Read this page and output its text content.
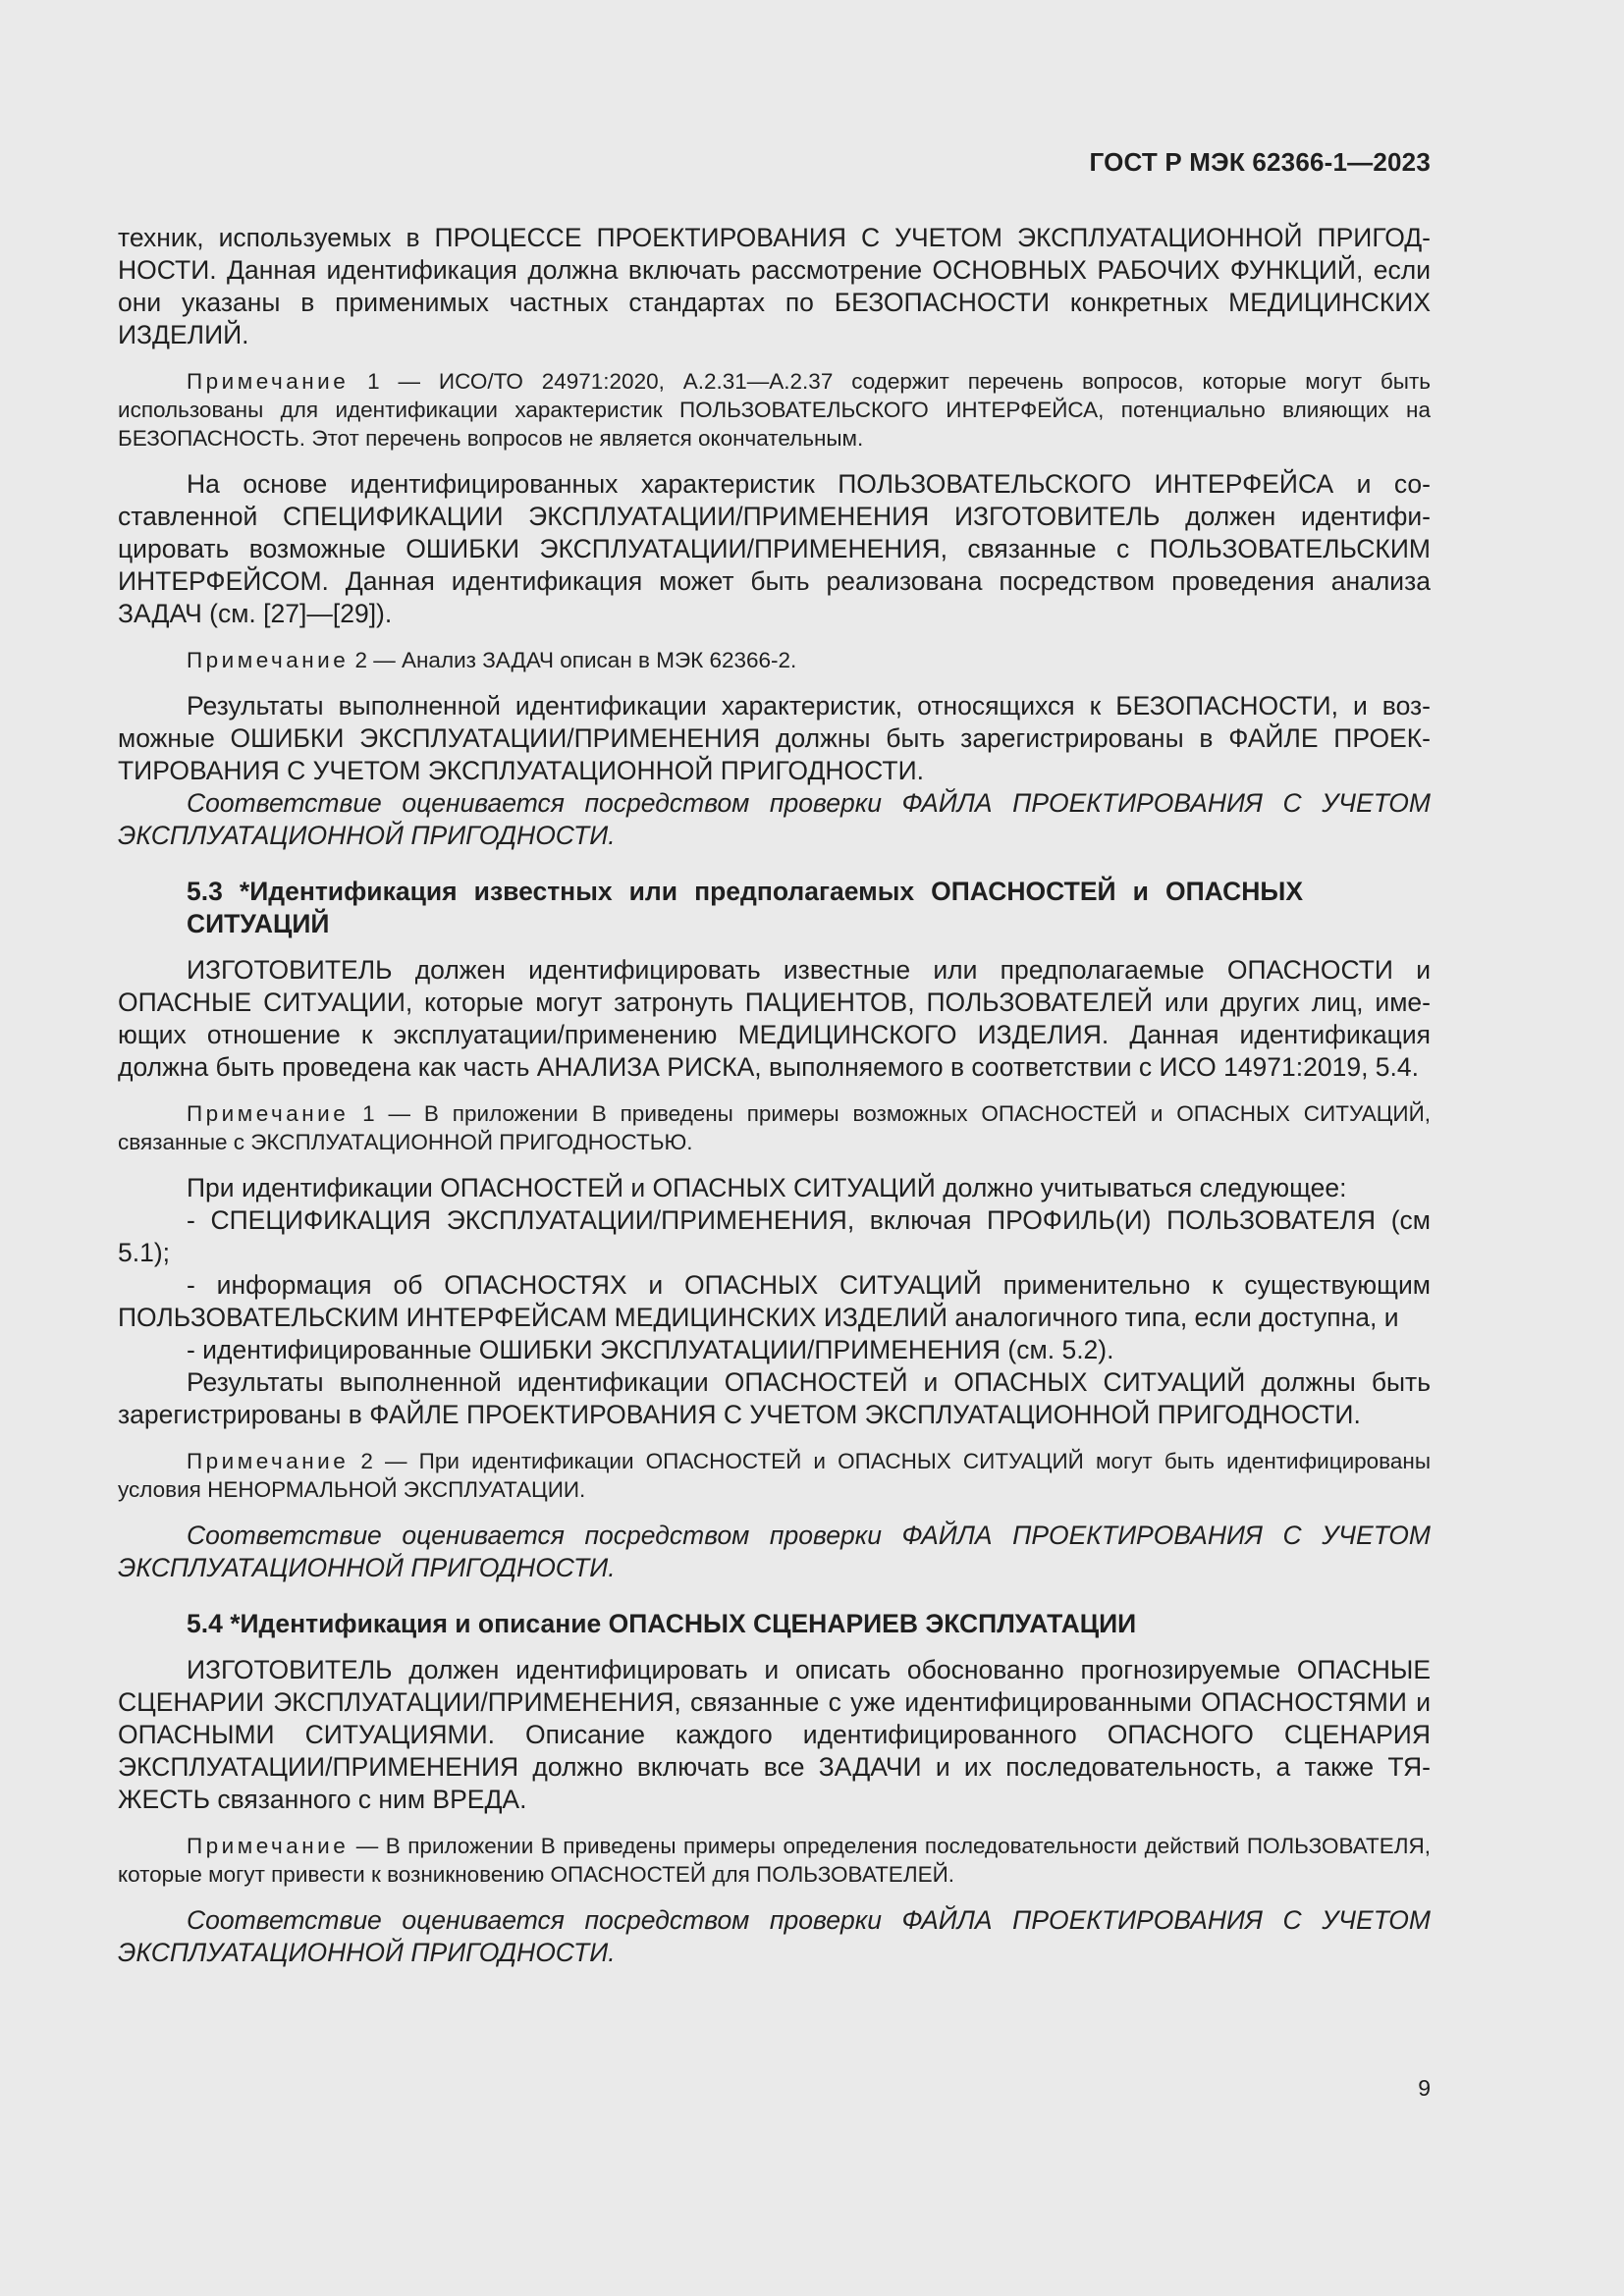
ГОСТ Р МЭК 62366-1—2023

техник, используемых в ПРОЦЕССЕ ПРОЕКТИРОВАНИЯ С УЧЕТОМ ЭКСПЛУАТАЦИОННОЙ ПРИГОДНОСТИ. Данная идентификация должна включать рассмотрение ОСНОВНЫХ РАБОЧИХ ФУНКЦИЙ, если они указаны в применимых частных стандартах по БЕЗОПАСНОСТИ конкретных МЕДИЦИНСКИХ ИЗДЕЛИЙ.

Примечание 1 — ИСО/ТО 24971:2020, А.2.31—А.2.37 содержит перечень вопросов, которые могут быть использованы для идентификации характеристик ПОЛЬЗОВАТЕЛЬСКОГО ИНТЕРФЕЙСА, потенциально влияющих на БЕЗОПАСНОСТЬ. Этот перечень вопросов не является окончательным.

На основе идентифицированных характеристик ПОЛЬЗОВАТЕЛЬСКОГО ИНТЕРФЕЙСА и составленной СПЕЦИФИКАЦИИ ЭКСПЛУАТАЦИИ/ПРИМЕНЕНИЯ ИЗГОТОВИТЕЛЬ должен идентифицировать возможные ОШИБКИ ЭКСПЛУАТАЦИИ/ПРИМЕНЕНИЯ, связанные с ПОЛЬЗОВАТЕЛЬСКИМ ИНТЕРФЕЙСОМ. Данная идентификация может быть реализована посредством проведения анализа ЗАДАЧ (см. [27]—[29]).

Примечание 2 — Анализ ЗАДАЧ описан в МЭК 62366-2.

Результаты выполненной идентификации характеристик, относящихся к БЕЗОПАСНОСТИ, и возможные ОШИБКИ ЭКСПЛУАТАЦИИ/ПРИМЕНЕНИЯ должны быть зарегистрированы в ФАЙЛЕ ПРОЕКТИРОВАНИЯ С УЧЕТОМ ЭКСПЛУАТАЦИОННОЙ ПРИГОДНОСТИ.

Соответствие оценивается посредством проверки ФАЙЛА ПРОЕКТИРОВАНИЯ С УЧЕТОМ ЭКСПЛУАТАЦИОННОЙ ПРИГОДНОСТИ.

5.3 *Идентификация известных или предполагаемых ОПАСНОСТЕЙ и ОПАСНЫХ СИТУАЦИЙ

ИЗГОТОВИТЕЛЬ должен идентифицировать известные или предполагаемые ОПАСНОСТИ и ОПАСНЫЕ СИТУАЦИИ, которые могут затронуть ПАЦИЕНТОВ, ПОЛЬЗОВАТЕЛЕЙ или других лиц, имеющих отношение к эксплуатации/применению МЕДИЦИНСКОГО ИЗДЕЛИЯ. Данная идентификация должна быть проведена как часть АНАЛИЗА РИСКА, выполняемого в соответствии с ИСО 14971:2019, 5.4.

Примечание 1 — В приложении В приведены примеры возможных ОПАСНОСТЕЙ и ОПАСНЫХ СИТУАЦИЙ, связанные с ЭКСПЛУАТАЦИОННОЙ ПРИГОДНОСТЬЮ.

При идентификации ОПАСНОСТЕЙ и ОПАСНЫХ СИТУАЦИЙ должно учитываться следующее:

- СПЕЦИФИКАЦИЯ ЭКСПЛУАТАЦИИ/ПРИМЕНЕНИЯ, включая ПРОФИЛЬ(И) ПОЛЬЗОВАТЕЛЯ (см 5.1);

- информация об ОПАСНОСТЯХ и ОПАСНЫХ СИТУАЦИЙ применительно к существующим ПОЛЬЗОВАТЕЛЬСКИМ ИНТЕРФЕЙСАМ МЕДИЦИНСКИХ ИЗДЕЛИЙ аналогичного типа, если доступна, и

- идентифицированные ОШИБКИ ЭКСПЛУАТАЦИИ/ПРИМЕНЕНИЯ (см. 5.2).

Результаты выполненной идентификации ОПАСНОСТЕЙ и ОПАСНЫХ СИТУАЦИЙ должны быть зарегистрированы в ФАЙЛЕ ПРОЕКТИРОВАНИЯ С УЧЕТОМ ЭКСПЛУАТАЦИОННОЙ ПРИГОДНОСТИ.

Примечание 2 — При идентификации ОПАСНОСТЕЙ и ОПАСНЫХ СИТУАЦИЙ могут быть идентифицированы условия НЕНОРМАЛЬНОЙ ЭКСПЛУАТАЦИИ.

Соответствие оценивается посредством проверки ФАЙЛА ПРОЕКТИРОВАНИЯ С УЧЕТОМ ЭКСПЛУАТАЦИОННОЙ ПРИГОДНОСТИ.

5.4 *Идентификация и описание ОПАСНЫХ СЦЕНАРИЕВ ЭКСПЛУАТАЦИИ

ИЗГОТОВИТЕЛЬ должен идентифицировать и описать обоснованно прогнозируемые ОПАСНЫЕ СЦЕНАРИИ ЭКСПЛУАТАЦИИ/ПРИМЕНЕНИЯ, связанные с уже идентифицированными ОПАСНОСТЯМИ и ОПАСНЫМИ СИТУАЦИЯМИ. Описание каждого идентифицированного ОПАСНОГО СЦЕНАРИЯ ЭКСПЛУАТАЦИИ/ПРИМЕНЕНИЯ должно включать все ЗАДАЧИ и их последовательность, а также ТЯЖЕСТЬ связанного с ним ВРЕДА.

Примечание — В приложении В приведены примеры определения последовательности действий ПОЛЬЗОВАТЕЛЯ, которые могут привести к возникновению ОПАСНОСТЕЙ для ПОЛЬЗОВАТЕЛЕЙ.

Соответствие оценивается посредством проверки ФАЙЛА ПРОЕКТИРОВАНИЯ С УЧЕТОМ ЭКСПЛУАТАЦИОННОЙ ПРИГОДНОСТИ.

9
